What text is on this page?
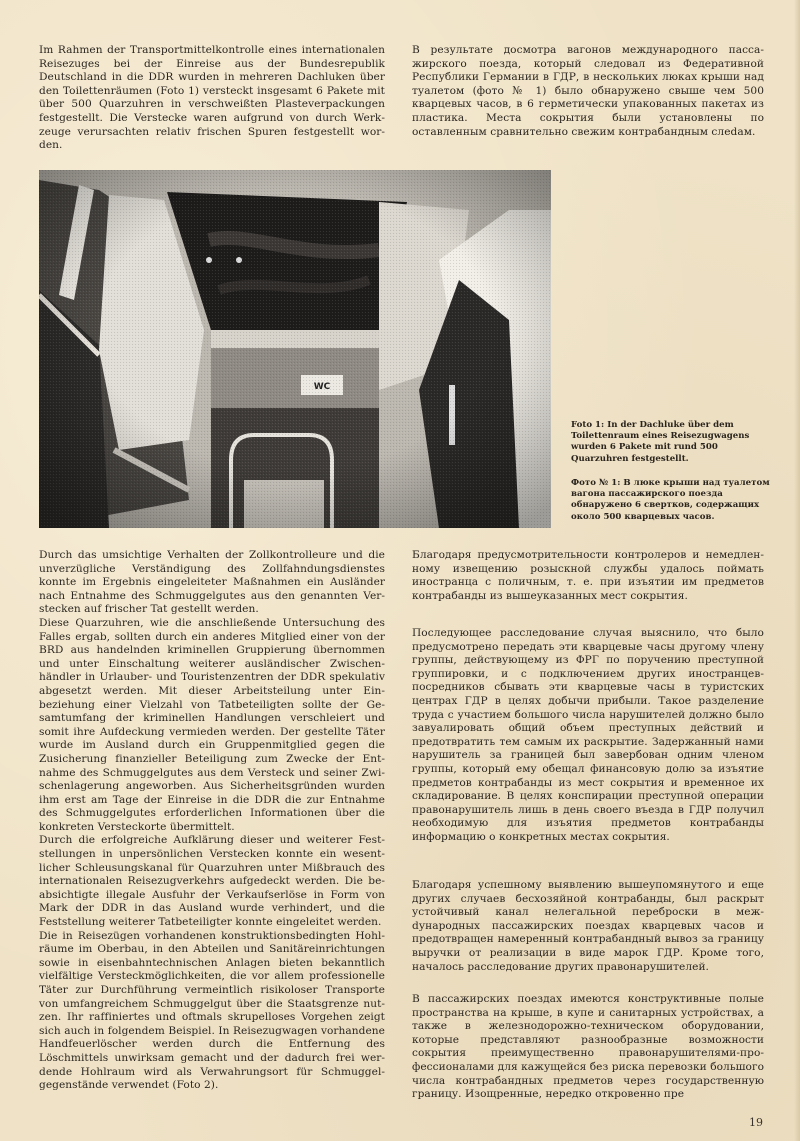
Im Rahmen der Transportmittelkontrolle eines internationalen Reisezuges bei der Einreise aus der Bundesrepublik Deutschland in die DDR wurden in mehreren Dachluken über den Toilettenräumen (Foto 1) versteckt insgesamt 6 Pakete mit über 500 Quarzuhren in verschweißten Plasteverpackungen festgestellt. Die Verstecke waren aufgrund von durch Werkzeuge verursachten relativ frischen Spuren festgestellt worden.

В результате досмотра вагонов международного пассажирского поезда, который следовал из Федеративной Республики Германии в ГДР, в нескольких люках крыши над туалетом (фото № 1) было обнаружено свыше чем 500 кварцевых часов, в 6 герметически упакованных пакетах из пластика. Места сокрытия были установлены по оставленным сравнительно свежим контрабандным слеdам.

Foto 1: In der Dachluke über dem Toilettenraum eines Reisezugwagens wurden 6 Pakete mit rund 500 Quarzuhren festgestellt.

Фото № 1: В люке крыши над туалетом вагона пассажирского поезда обнаружено 6 свертков, содержащих около 500 кварцевых часов.

Durch das umsichtige Verhalten der Zollkontrolleure und die unverzügliche Verständigung des Zollfahndungsdienstes konnte im Ergebnis eingeleiteter Maßnahmen ein Ausländer nach Entnahme des Schmuggelgutes aus den genannten Verstecken auf frischer Tat gestellt werden.

Diese Quarzuhren, wie die anschließende Untersuchung des Falles ergab, sollten durch ein anderes Mitglied einer von der BRD aus handelnden kriminellen Gruppierung übernommen und unter Einschaltung weiterer ausländischer Zwischenhändler in Urlauber- und Touristenzentren der DDR spekulativ abgesetzt werden. Mit dieser Arbeitsteilung unter Einbeziehung einer Vielzahl von Tatbeteiligten sollte der Gesamtumfang der kriminellen Handlungen verschleiert und somit ihre Aufdeckung vermieden werden. Der gestellte Täter wurde im Ausland durch ein Gruppenmitglied gegen die Zusicherung finanzieller Beteiligung zum Zwecke der Entnahme des Schmuggelgutes aus dem Versteck und seiner Zwischenlagerung angeworben. Aus Sicherheitsgründen wurden ihm erst am Tage der Einreise in die DDR die zur Entnahme des Schmuggelgutes erforderlichen Informationen über die konkreten Versteckorte übermittelt.

Durch die erfolgreiche Aufklärung dieser und weiterer Feststellungen in unpersönlichen Verstecken konnte ein wesentlicher Schleusungskanal für Quarzuhren unter Mißbrauch des internationalen Reisezugverkehrs aufgedeckt werden. Die beabsichtigte illegale Ausfuhr der Verkaufserlöse in Form von Mark der DDR in das Ausland wurde verhindert, und die Feststellung weiterer Tatbeteiligter konnte eingeleitet werden.

Die in Reisezügen vorhandenen konstruktionsbedingten Hohlräume im Oberbau, in den Abteilen und Sanitäreinrichtungen sowie in eisenbahntechnischen Anlagen bieten bekanntlich vielfältige Versteckmöglichkeiten, die vor allem professionelle Täter zur Durchführung vermeintlich risikoloser Transporte von umfangreichem Schmuggelgut über die Staatsgrenze nutzen. Ihr raffiniertes und oftmals skrupelloses Vorgehen zeigt sich auch in folgendem Beispiel. In Reisezugwagen vorhandene Handfeuerlöscher werden durch die Entfernung des Löschmittels unwirksam gemacht und der dadurch frei werdende Hohlraum wird als Verwahrungsort für Schmuggelgegenstände verwendet (Foto 2).

Благодаря предусмотрительности контролеров и немедленному извещению розыскной службы удалось поймать иностранца с поличным, т. е. при изъятии им предметов контрабанды из вышеуказанных мест сокрытия.

Последующее расследование случая выяснило, что было предусмотрено передать эти кварцевые часы другому члену группы, действующему из ФРГ по поручению преступной группировки, и с подключением других иностранцев-посредников сбывать эти кварцевые часы в туристских центрах ГДР в целях добычи прибыли. Такое разделение труда с участием большого числа нарушителей должно было завуалировать общий объем преступных действий и предотвратить тем самым их раскрытие. Задержанный нами нарушитель за границей был завербован одним членом группы, который ему обещал финансовую долю за изъятие предметов контрабанды из мест сокрытия и временное их складирование. В целях конспирации преступной операции правонарушитель лишь в день своего въезда в ГДР получил необходимую для изъятия предметов контрабанды информацию о конкретных местах сокрытия.

Благодаря успешному выявлению вышеупомянутого и еще других случаев бесхозяйной контрабанды, был раскрыт устойчивый канал нелегальной переброски в межdународных пассажирских поездах кварцевых часов и предотвращен намеренный контрабандный вывоз за границу выручки от реализации в виде марок ГДР. Кроме того, началось расследование других правонарушителей.

В пассажирских поездах имеются конструктивные полые пространства на крыше, в купе и санитарных устройствах, а также в железнодорожно-техническом оборудовании, которые представляют разнообразные возможности сокрытия преимущественно правонарушителями-профессионалами для кажущейся без риска перевозки большого числа контрабандных предметов через государственную границу. Изощренные, нередко откровенно пре

19
